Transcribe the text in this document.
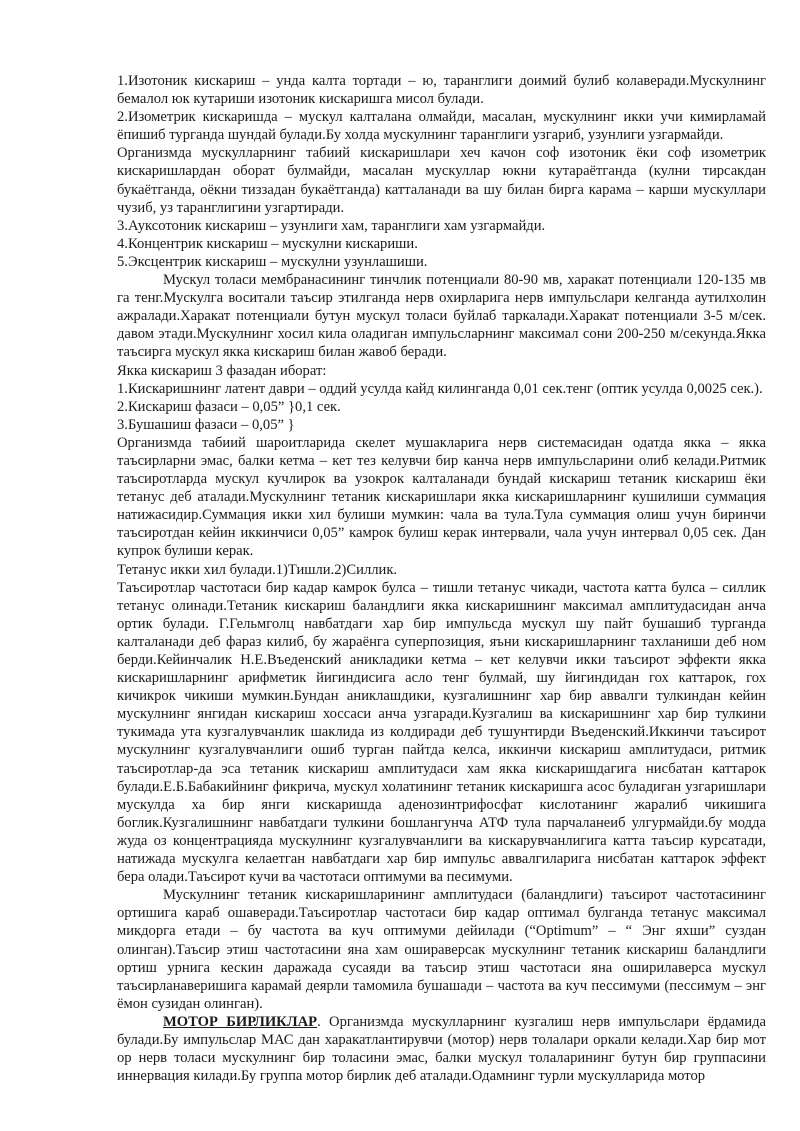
1.Изотоник кискариш – унда калта тортади – ю, таранглиги доимий булиб колаверади.Мускулнинг бемалол юк кутариши изотоник кискаришга мисол булади.

2.Изометрик кискаришда – мускул калталана олмайди, масалан, мускулнинг икки учи кимирламай ёпишиб турганда шундай булади.Бу холда мускулнинг таранглиги узгариб, узунлиги узгармайди.

Организмда мускулларнинг табиий кискаришлари хеч качон соф изотоник ёки соф изометрик кискаришлардан оборат булмайди, масалан мускуллар юкни кутараётганда (кулни тирсакдан букаётганда, оёкни тиззадан букаётганда) катталанади ва шу билан бирга карама – карши мускуллари чузиб, уз таранглигини узгартиради.

3.Ауксотоник кискариш – узунлиги хам, таранглиги хам узгармайди.

4.Концентрик кискариш – мускулни кискариши.

5.Эксцентрик кискариш – мускулни узунлашиши.

Мускул толаси мембранасининг тинчлик потенциали 80-90 мв, харакат потенциали 120-135 мв га тенг.Мускулга воситали таъсир этилганда нерв охирларига нерв импульслари келганда аутилхолин ажралади.Харакат потенциали бутун мускул толаси буйлаб таркалади.Харакат потенциали 3-5 м/сек. давом этади.Мускулнинг хосил кила оладиган импульсларнинг максимал сони 200-250 м/секунда.Якка таъсирга мускул якка кискариш билан жавоб беради.

Якка кискариш 3 фазадан иборат:

1.Кискаришнинг латент даври – оддий усулда кайд килинганда 0,01 сек.тенг (оптик усулда 0,0025 сек.).

2.Кискариш фазаси – 0,05” }0,1 сек.

3.Бушашиш фазаси – 0,05” }

Организмда табиий шароитларида скелет мушакларига нерв системасидан одатда якка – якка таъсирларни эмас, балки кетма – кет тез келувчи бир канча нерв импульсларини олиб келади.Ритмик таъсиротларда мускул кучлирок ва узокрок калталанади бундай кискариш тетаник кискариш ёки тетанус деб аталади.Мускулнинг тетаник кискаришлари якка кискаришларнинг кушилиши суммация натижасидир.Суммация икки хил булиши мумкин: чала ва тула.Тула суммация олиш учун биринчи таъсиротдан кейин иккинчиси 0,05” камрок булиш керак интервали, чала учун интервал 0,05 сек. Дан купрок булиши керак.

Тетанус икки хил булади.1)Тишли.2)Силлик.

Таъсиротлар частотаси бир кадар камрок булса – тишли тетанус чикади, частота катта булса – силлик тетанус олинади.Тетаник кискариш баландлиги якка кискаришнинг максимал амплитудасидан анча ортик булади. Г.Гельмголц навбатдаги хар бир импульсда мускул шу пайт бушашиб турганда калталанади деб фараз килиб, бу жараёнга суперпозиция, яъни кискаришларнинг тахланиши деб ном берди.Кейинчалик Н.Е.Въеденский аникладики кетма – кет келувчи икки таъсирот эффекти якка кискаришларнинг арифметик йигиндисига асло тенг булмай, шу йигиндидан гох каттарок, гох кичикрок чикиши мумкин.Бундан аниклашдики, кузгалишнинг хар бир аввалги тулкиндан кейин мускулнинг янгидан кискариш хоссаси анча узгаради.Кузгалиш ва кискаришнинг хар бир тулкини тукимада ута кузгалувчанлик шаклида из колдиради деб тушунтирди Въеденский.Иккинчи таъсирот мускулнинг кузгалувчанлиги ошиб турган пайтда келса, иккинчи кискариш амплитудаси, ритмик таъсиротлар-да эса тетаник кискариш амплитудаси хам якка кискаришдагига нисбатан каттарок булади.Е.Б.Бабакийнинг фикрича, мускул холатининг тетаник кискаришга асос буладиган узгаришлари мускулда ха бир янги кискаришда аденозинтрифосфат кислотанинг жаралиб чикишига боглик.Кузгалишнинг навбатдаги тулкини бошлангунча АТФ тула парчаланеиб улгурмайди.бу модда жуда оз концентрацияда мускулнинг кузгалувчанлиги ва кискарувчанлигига катта таъсир курсатади, натижада мускулга келаетган навбатдаги хар бир импульс аввалгиларига нисбатан каттарок эффект бера олади.Таъсирот кучи ва частотаси оптимуми ва песимуми.

Мускулнинг тетаник кискаришларининг амплитудаси (баландлиги) таъсирот частотасининг ортишига караб ошаверади.Таъсиротлар частотаси бир кадар оптимал булганда тетанус максимал микдорга етади – бу частота ва куч оптимуми дейилади (“Optimum” – “ Энг яхши” суздан олинган).Таъсир этиш частотасини яна хам ошираверсак мускулнинг тетаник кискариш баландлиги ортиш урнига кескин даражада сусаяди ва таъсир этиш частотаси яна оширилаверса мускул таъсирланаверишига карамай деярли тамомила бушашади – частота ва куч пессимуми (пессимум – энг ёмон сузидан олинган).

МОТОР БИРЛИКЛАР. Организмда мускулларнинг кузгалиш нерв импульслари ёрдамида булади.Бу импульслар МАС дан харакатлантирувчи (мотор) нерв толалари оркали келади.Хар бир мот ор нерв толаси мускулнинг бир толасини эмас, балки мускул толаларининг бутун бир группасини иннервация килади.Бу группа мотор бирлик деб аталади.Одамнинг турли мускулларида мотор
